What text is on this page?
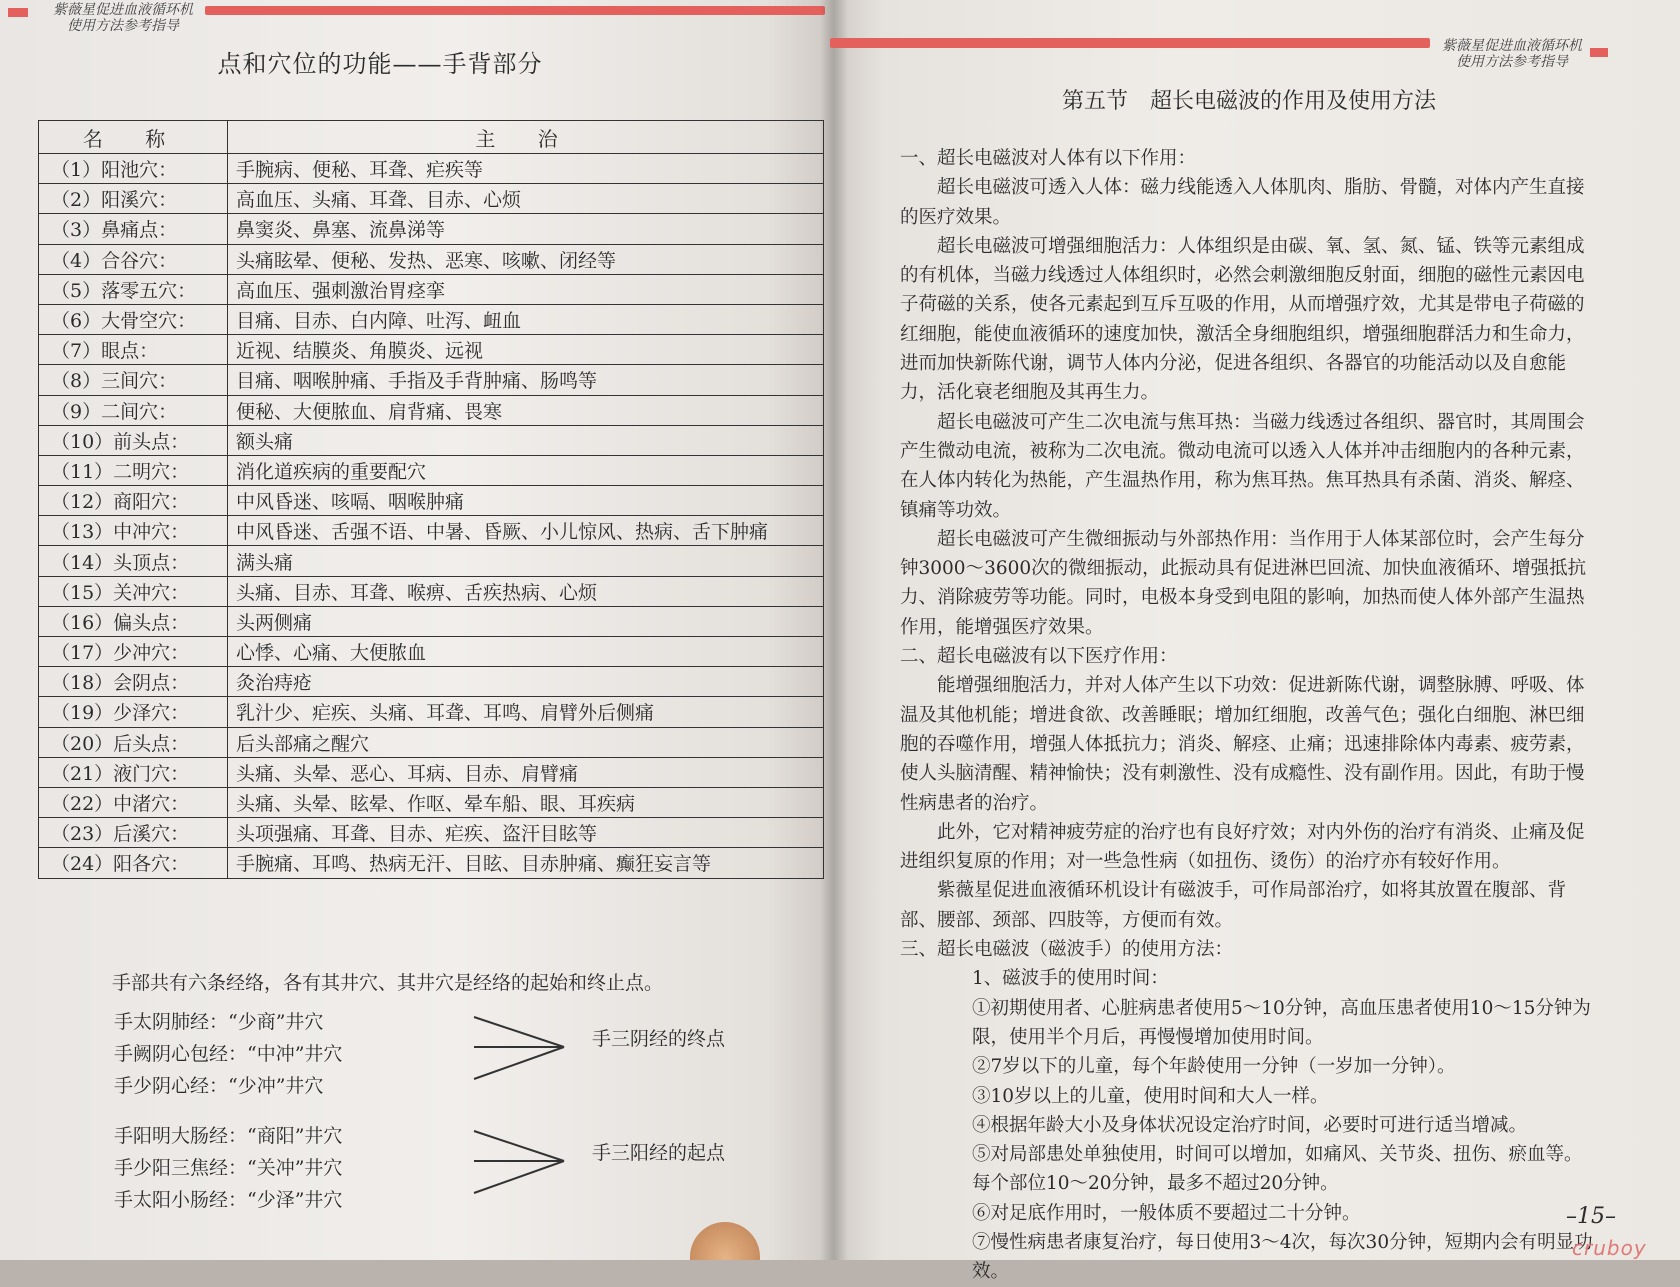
紫薇星促进血液循环机
使用方法参考指导
点和穴位的功能——手背部分
名 称	主 治
（1）阳池穴：	手腕病、便秘、耳聋、疟疾等
（2）阳溪穴：	高血压、头痛、耳聋、目赤、心烦
（3）鼻痛点：	鼻窦炎、鼻塞、流鼻涕等
（4）合谷穴：	头痛眩晕、便秘、发热、恶寒、咳嗽、闭经等
（5）落零五穴：	高血压、强刺激治胃痉挛
（6）大骨空穴：	目痛、目赤、白内障、吐泻、衄血
（7）眼点：	近视、结膜炎、角膜炎、远视
（8）三间穴：	目痛、咽喉肿痛、手指及手背肿痛、肠鸣等
（9）二间穴：	便秘、大便脓血、肩背痛、畏寒
（10）前头点：	额头痛
（11）二明穴：	消化道疾病的重要配穴
（12）商阳穴：	中风昏迷、咳嗝、咽喉肿痛
（13）中冲穴：	中风昏迷、舌强不语、中暑、昏厥、小儿惊风、热病、舌下肿痛
（14）头顶点：	满头痛
（15）关冲穴：	头痛、目赤、耳聋、喉痹、舌疾热病、心烦
（16）偏头点：	头两侧痛
（17）少冲穴：	心悸、心痛、大便脓血
（18）会阴点：	灸治痔疮
（19）少泽穴：	乳汁少、疟疾、头痛、耳聋、耳鸣、肩臂外后侧痛
（20）后头点：	后头部痛之醒穴
（21）液门穴：	头痛、头晕、恶心、耳病、目赤、肩臂痛
（22）中渚穴：	头痛、头晕、眩晕、作呕、晕车船、眼、耳疾病
（23）后溪穴：	头项强痛、耳聋、目赤、疟疾、盗汗目眩等
（24）阳各穴：	手腕痛、耳鸣、热病无汗、目眩、目赤肿痛、癫狂妄言等
手部共有六条经络，各有其井穴、其井穴是经络的起始和终止点。
手太阴肺经：“少商”井穴
手阙阴心包经：“中冲”井穴
手少阴心经：“少冲”井穴
手三阴经的终点
手阳明大肠经：“商阳”井穴
手少阳三焦经：“关冲”井穴
手太阳小肠经：“少泽”井穴
手三阳经的起点
紫薇星促进血液循环机
使用方法参考指导
第五节　超长电磁波的作用及使用方法

一、超长电磁波对人体有以下作用：

超长电磁波可透入人体：磁力线能透入人体肌肉、脂肪、骨髓，对体内产生直接的医疗效果。

超长电磁波可增强细胞活力：人体组织是由碳、氧、氢、氮、锰、铁等元素组成的有机体，当磁力线透过人体组织时，必然会刺激细胞反射面，细胞的磁性元素因电子荷磁的关系，使各元素起到互斥互吸的作用，从而增强疗效，尤其是带电子荷磁的红细胞，能使血液循环的速度加快，激活全身细胞组织，增强细胞群活力和生命力，进而加快新陈代谢，调节人体内分泌，促进各组织、各器官的功能活动以及自愈能力，活化衰老细胞及其再生力。

超长电磁波可产生二次电流与焦耳热：当磁力线透过各组织、器官时，其周围会产生微动电流，被称为二次电流。微动电流可以透入人体并冲击细胞内的各种元素，在人体内转化为热能，产生温热作用，称为焦耳热。焦耳热具有杀菌、消炎、解痉、镇痛等功效。

超长电磁波可产生微细振动与外部热作用：当作用于人体某部位时，会产生每分钟3000～3600次的微细振动，此振动具有促进淋巴回流、加快血液循环、增强抵抗力、消除疲劳等功能。同时，电极本身受到电阻的影响，加热而使人体外部产生温热作用，能增强医疗效果。

二、超长电磁波有以下医疗作用：

能增强细胞活力，并对人体产生以下功效：促进新陈代谢，调整脉膊、呼吸、体温及其他机能；增进食欲、改善睡眠；增加红细胞，改善气色；强化白细胞、淋巴细胞的吞噬作用，增强人体抵抗力；消炎、解痉、止痛；迅速排除体内毒素、疲劳素，使人头脑清醒、精神愉快；没有刺激性、没有成瘾性、没有副作用。因此，有助于慢性病患者的治疗。

此外，它对精神疲劳症的治疗也有良好疗效；对内外伤的治疗有消炎、止痛及促进组织复原的作用；对一些急性病（如扭伤、烫伤）的治疗亦有较好作用。

紫薇星促进血液循环机设计有磁波手，可作局部治疗，如将其放置在腹部、背部、腰部、颈部、四肢等，方便而有效。

三、超长电磁波（磁波手）的使用方法：

1、磁波手的使用时间：

①初期使用者、心脏病患者使用5～10分钟，高血压患者使用10～15分钟为限，使用半个月后，再慢慢增加使用时间。

②7岁以下的儿童，每个年龄使用一分钟（一岁加一分钟）。

③10岁以上的儿童，使用时间和大人一样。

④根据年龄大小及身体状况设定治疗时间，必要时可进行适当增减。

⑤对局部患处单独使用，时间可以增加，如痛风、关节炎、扭伤、瘀血等。

每个部位10～20分钟，最多不超过20分钟。

⑥对足底作用时，一般体质不要超过二十分钟。

⑦慢性病患者康复治疗，每日使用3～4次，每次30分钟，短期内会有明显功效。

–15–
cruboy
